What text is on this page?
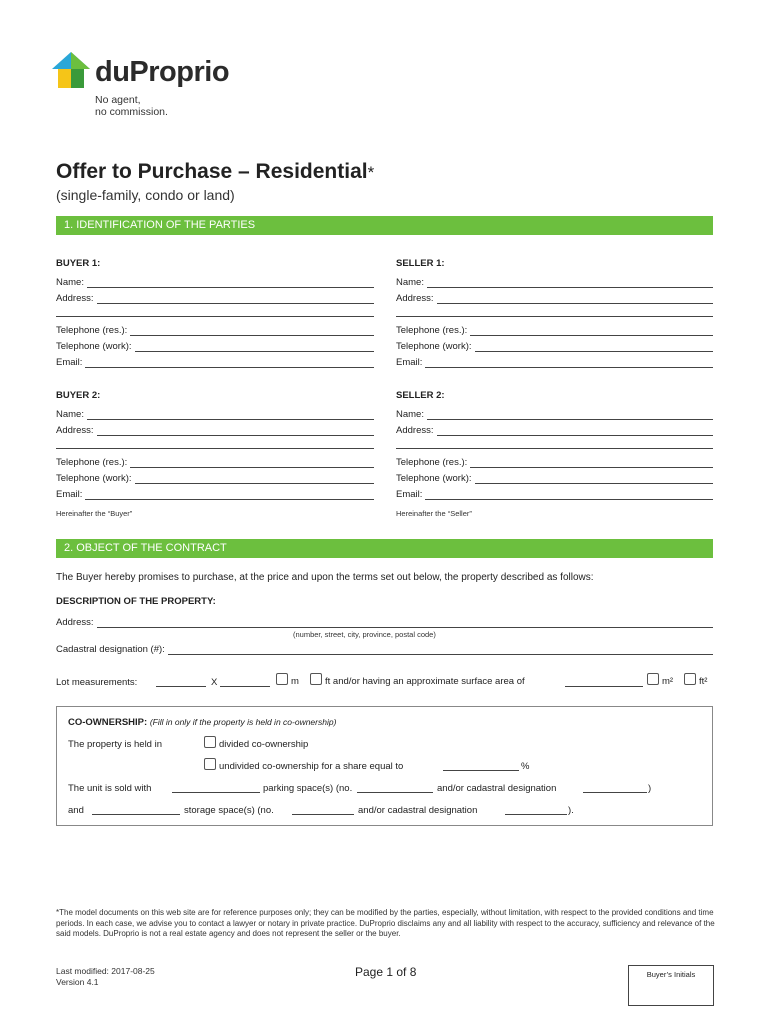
duProprio
No agent,
no commission.
Offer to Purchase – Residential*
(single-family, condo or land)
1. IDENTIFICATION OF THE PARTIES
BUYER 1:	SELLER 1:
Name:
Address:
Telephone (res.):
Telephone (work):
Email:
Name:
Address:
Telephone (res.):
Telephone (work):
Email:
BUYER 2:	SELLER 2:
Name:
Address:
Telephone (res.):
Telephone (work):
Email:
Name:
Address:
Telephone (res.):
Telephone (work):
Email:
Hereinafter the “Buyer”	Hereinafter the “Seller”
2. OBJECT OF THE CONTRACT
The Buyer hereby promises to purchase, at the price and upon the terms set out below, the property described as follows:
DESCRIPTION OF THE PROPERTY:
Address:
(number, street, city, province, postal code)
Cadastral designation (#):
Lot measurements:	X	m	ft and/or having an approximate surface area of	m²	ft²
CO-OWNERSHIP: (Fill in only if the property is held in co-ownership)
The property is held in	divided co-ownership
undivided co-ownership for a share equal to	%
The unit is sold with	parking space(s) (no.	and/or cadastral designation	)
and	storage space(s) (no.	and/or cadastral designation	).
*The model documents on this web site are for reference purposes only; they can be modified by the parties, especially, without limitation, with respect to the provided conditions and time periods. In each case, we advise you to contact a lawyer or notary in private practice. DuProprio disclaims any and all liability with respect to the accuracy, sufficiency and relevance of the said models. DuProprio is not a real estate agency and does not represent the seller or the buyer.
Last modified: 2017-08-25
Version 4.1
Page 1 of 8	Buyer’s Initials
